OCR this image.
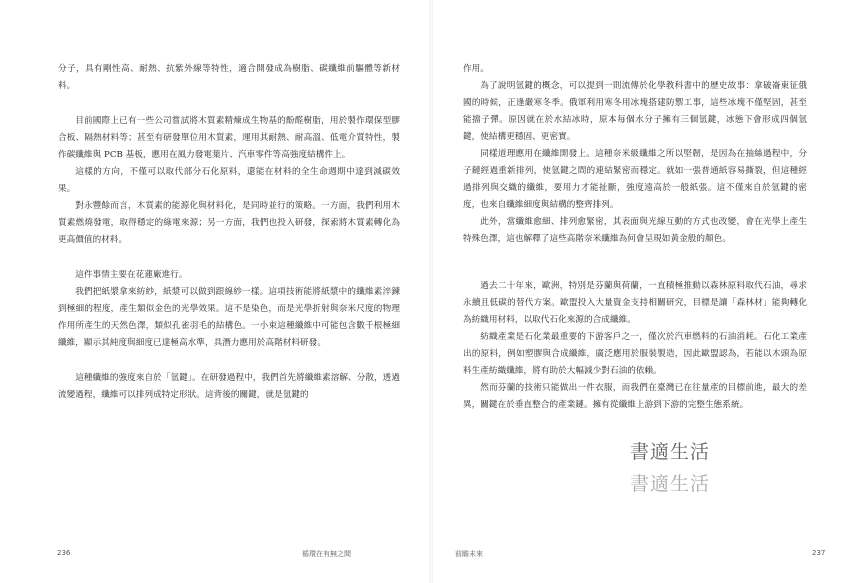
分子，具有剛性高、耐熱、抗紫外線等特性，適合開發成為樹脂、碳纖維前驅體等新材料。

目前國際上已有一些公司嘗試將木質素精煉成生物基的酚醛樹脂，用於製作環保型膠合板、隔熱材料等；甚至有研發單位用木質素，運用其耐熱、耐高溫、低電介質特性，製作碳纖維與 PCB 基板，應用在風力發電葉片、汽車零件等高強度結構件上。

這樣的方向，不僅可以取代部分石化原料，還能在材料的全生命週期中達到減碳效果。

對永豐餘而言，木質素的能源化與材料化，是同時並行的策略。一方面，我們利用木質素燃燒發電，取得穩定的綠電來源；另一方面，我們也投入研發，探索將木質素轉化為更高價值的材料。

這件事情主要在花蓮廠進行。

我們把紙漿拿來紡紗，紙漿可以做到跟線紗一樣。這項技術能將紙漿中的纖維素淬鍊到極細的程度，產生類似金色的光學效果。這不是染色，而是光學折射與奈米尺度的物理作用所產生的天然色澤，類似孔雀羽毛的結構色。一小束這種纖維中可能包含數千根極細纖維，顯示其純度與細度已達極高水準，具潛力應用於高階材料研發。

這種纖維的強度來自於「氫鍵」。在研發過程中，我們首先將纖維素溶解、分散，透過流變過程，纖維可以排列成特定形狀。這背後的關鍵，就是氫鍵的

236	循環在有無之間

作用。

為了說明氫鍵的概念，可以提到一則流傳於化學教科書中的歷史故事：拿破崙東征俄國的時候，正逢嚴寒冬季。俄軍利用寒冬用冰塊搭建防禦工事，這些冰塊不僅堅固，甚至能擋子彈。原因就在於水結冰時，原本每個水分子擁有三個氫鍵，冰態下會形成四個氫鍵，使結構更穩固、更密實。

同樣道理應用在纖維開發上。這種奈米級纖維之所以堅韌，是因為在抽絲過程中，分子鏈經過重新排列，使氫鍵之間的連結緊密而穩定。就如一張普通紙容易撕裂，但這種經過排列與交織的纖維，要用力才能扯斷，強度遠高於一般紙張。這不僅來自於氫鍵的密度，也來自纖維細度與結構的整齊排列。

此外，當纖維愈細、排列愈緊密，其表面與光線互動的方式也改變，會在光學上產生特殊色澤，這也解釋了這些高階奈米纖維為何會呈現如黃金般的顏色。

過去二十年來，歐洲，特別是芬蘭與荷蘭，一直積極推動以森林原料取代石油，尋求永續且低碳的替代方案。歐盟投入大量資金支持相關研究，目標是讓「森林材」能夠轉化為紡織用材料，以取代石化來源的合成纖維。

紡織產業是石化業最重要的下游客戶之一，僅次於汽車燃料的石油消耗。石化工業產出的原料，例如塑膠與合成纖維，廣泛應用於服裝製造，因此歐盟認為，若能以木頭為原料生產紡織纖維，將有助於大幅減少對石油的依賴。

然而芬蘭的技術只能做出一件衣服，而我們在臺灣已在往量產的目標前進，最大的差異，關鍵在於垂直整合的產業鏈。擁有從纖維上游到下游的完整生態系統。

前瞻未來	237
書適生活
書適生活
